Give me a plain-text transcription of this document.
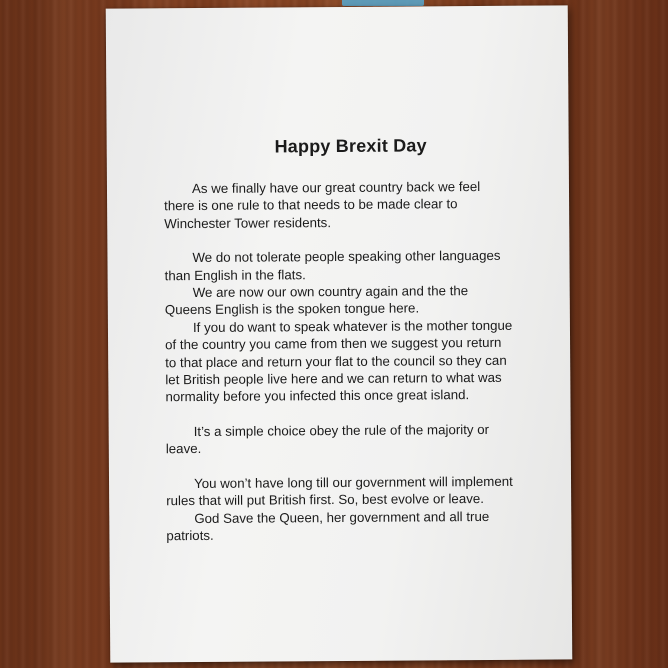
Happy Brexit Day

As we finally have our great country back we feel there is one rule to that needs to be made clear to Winchester Tower residents.

We do not tolerate people speaking other languages than English in the flats.

We are now our own country again and the the Queens English is the spoken tongue here.

If you do want to speak whatever is the mother tongue of the country you came from then we suggest you return to that place and return your flat to the council so they can let British people live here and we can return to what was normality before you infected this once great island.

It’s a simple choice obey the rule of the majority or leave.

You won’t have long till our government will implement rules that will put British first. So, best evolve or leave.

God Save the Queen, her government and all true patriots.
